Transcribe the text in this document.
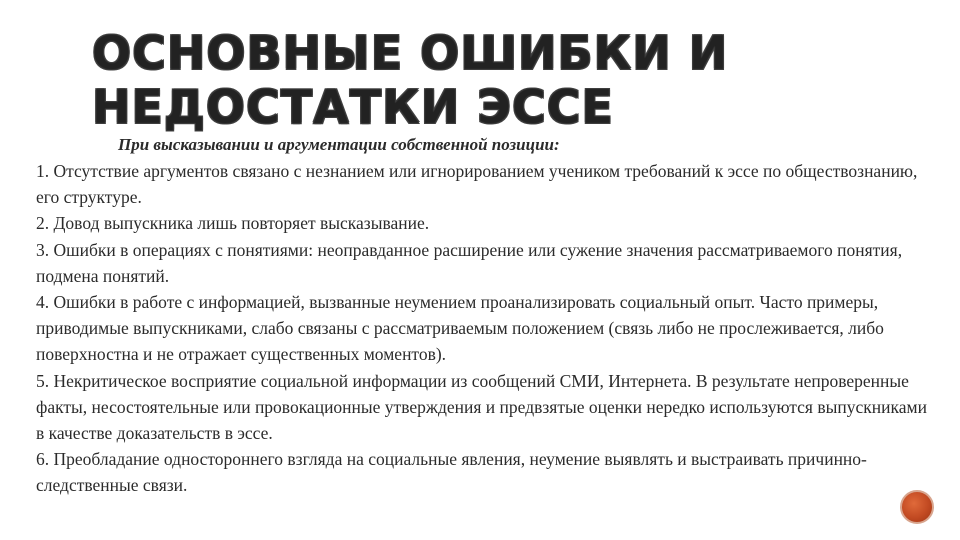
ОСНОВНЫЕ ОШИБКИ И
НЕДОСТАТКИ ЭССЕ

При высказывании и аргументации собственной позиции:

1. Отсутствие аргументов связано с незнанием или игнорированием учеником требований к эссе по обществознанию, его структуре.

2. Довод выпускника лишь повторяет высказывание.

3. Ошибки в операциях с понятиями: неоправданное расширение или сужение значения рассматриваемого понятия, подмена понятий.

4. Ошибки в работе с информацией, вызванные неумением проанализировать социальный опыт. Часто примеры, приводимые выпускниками, слабо связаны с рассматриваемым положением (связь либо не прослеживается, либо поверхностна и не отражает существенных моментов).

5. Некритическое восприятие социальной информации из сообщений СМИ, Интернета. В результате непроверенные факты, несостоятельные или провокационные утверждения и предвзятые оценки нередко используются выпускниками в качестве доказательств в эссе.

6. Преобладание одностороннего взгляда на социальные явления, неумение выявлять и выстраивать причинно-следственные связи.
